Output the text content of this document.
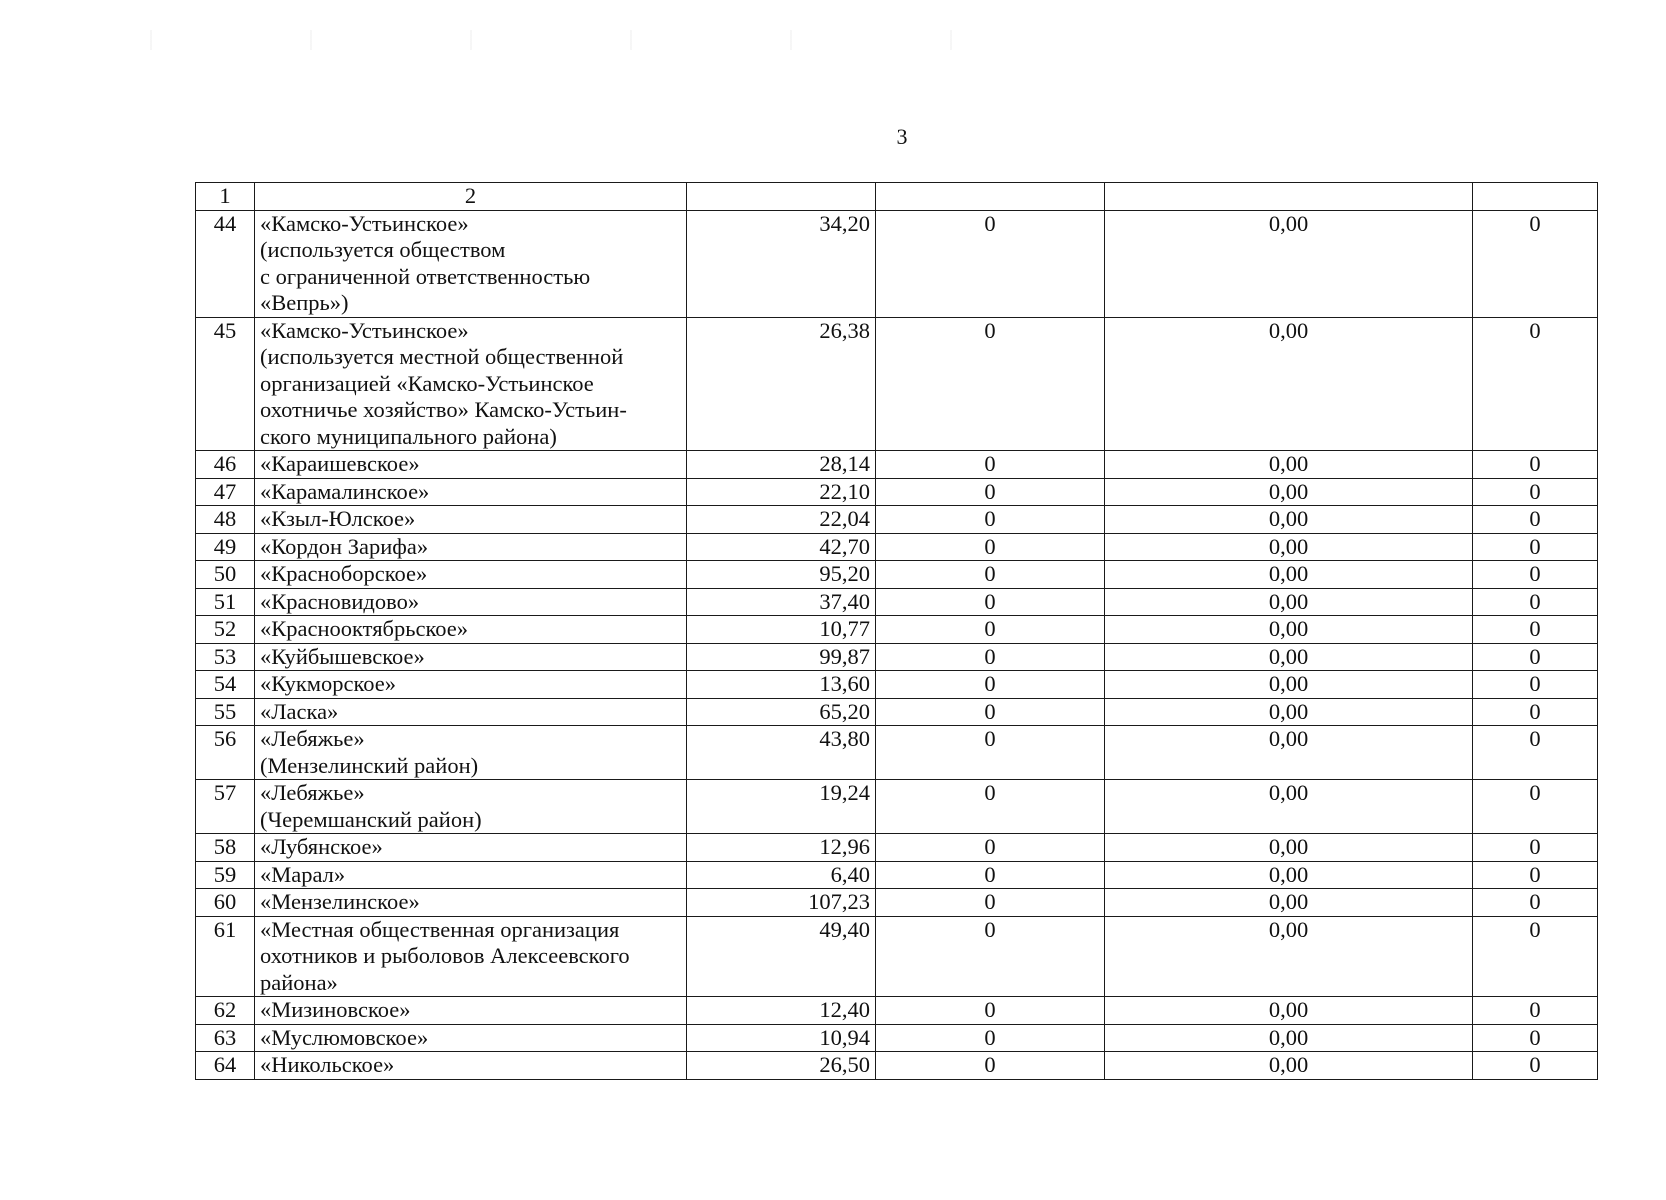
3
1	2				
44	«Камско-Устьинское»
(используется обществом
с ограниченной ответственностью
«Вепрь»)	34,20	0	0,00	0
45	«Камско-Устьинское»
(используется местной общественной
организацией «Камско-Устьинское
охотничье хозяйство» Камско-Устьин-
ского муниципального района)	26,38	0	0,00	0
46	«Караишевское»	28,14	0	0,00	0
47	«Карамалинское»	22,10	0	0,00	0
48	«Кзыл-Юлское»	22,04	0	0,00	0
49	«Кордон Зарифа»	42,70	0	0,00	0
50	«Красноборское»	95,20	0	0,00	0
51	«Красновидово»	37,40	0	0,00	0
52	«Краснооктябрьское»	10,77	0	0,00	0
53	«Куйбышевское»	99,87	0	0,00	0
54	«Кукморское»	13,60	0	0,00	0
55	«Ласка»	65,20	0	0,00	0
56	«Лебяжье»
(Мензелинский район)	43,80	0	0,00	0
57	«Лебяжье»
(Черемшанский район)	19,24	0	0,00	0
58	«Лубянское»	12,96	0	0,00	0
59	«Марал»	6,40	0	0,00	0
60	«Мензелинское»	107,23	0	0,00	0
61	«Местная общественная организация
охотников и рыболовов Алексеевского
района»	49,40	0	0,00	0
62	«Мизиновское»	12,40	0	0,00	0
63	«Муслюмовское»	10,94	0	0,00	0
64	«Никольское»	26,50	0	0,00	0
